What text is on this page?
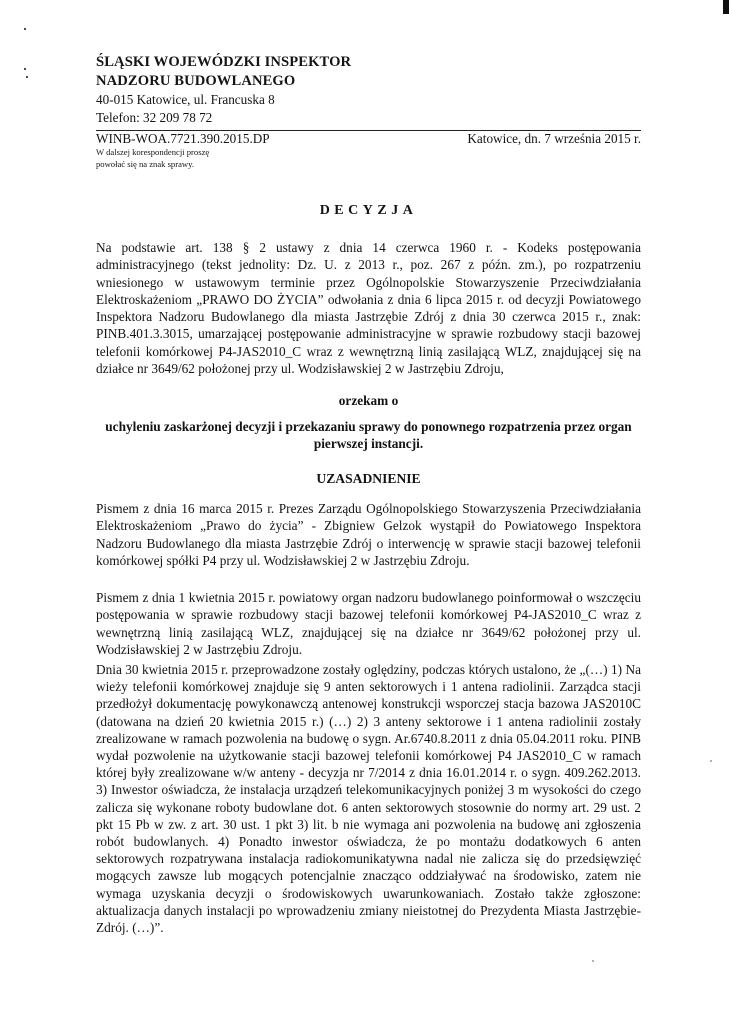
ŚLĄSKI WOJEWÓDZKI INSPEKTOR
NADZORU BUDOWLANEGO
40-015 Katowice, ul. Francuska 8
Telefon: 32 209 78 72
WINB-WOA.7721.390.2015.DP	Katowice, dn. 7 września 2015 r.
W dalszej korespondencji proszę
powołać się na znak sprawy.
DECYZJA
Na podstawie art. 138 § 2 ustawy z dnia 14 czerwca 1960 r. - Kodeks postępowania administracyjnego (tekst jednolity: Dz. U. z 2013 r., poz. 267 z późn. zm.), po rozpatrzeniu wniesionego w ustawowym terminie przez Ogólnopolskie Stowarzyszenie Przeciwdziałania Elektroskażeniom „PRAWO DO ŻYCIA” odwołania z dnia 6 lipca 2015 r. od decyzji Powiatowego Inspektora Nadzoru Budowlanego dla miasta Jastrzębie Zdrój z dnia 30 czerwca 2015 r., znak: PINB.401.3.3015, umarzającej postępowanie administracyjne w sprawie rozbudowy stacji bazowej telefonii komórkowej P4-JAS2010_C wraz z wewnętrzną linią zasilającą WLZ, znajdującej się na działce nr 3649/62 położonej przy ul. Wodzisławskiej 2 w Jastrzębiu Zdroju,
orzekam o
uchyleniu zaskarżonej decyzji i przekazaniu sprawy do ponownego rozpatrzenia przez organ pierwszej instancji.
UZASADNIENIE
Pismem z dnia 16 marca 2015 r. Prezes Zarządu Ogólnopolskiego Stowarzyszenia Przeciwdziałania Elektroskażeniom „Prawo do życia” - Zbigniew Gelzok wystąpił do Powiatowego Inspektora Nadzoru Budowlanego dla miasta Jastrzębie Zdrój o interwencję w sprawie stacji bazowej telefonii komórkowej spółki P4 przy ul. Wodzisławskiej 2 w Jastrzębiu Zdroju.
Pismem z dnia 1 kwietnia 2015 r. powiatowy organ nadzoru budowlanego poinformował o wszczęciu postępowania w sprawie rozbudowy stacji bazowej telefonii komórkowej P4-JAS2010_C wraz z wewnętrzną linią zasilającą WLZ, znajdującej się na działce nr 3649/62 położonej przy ul. Wodzisławskiej 2 w Jastrzębiu Zdroju.
Dnia 30 kwietnia 2015 r. przeprowadzone zostały oględziny, podczas których ustalono, że „(…) 1) Na wieży telefonii komórkowej znajduje się 9 anten sektorowych i 1 antena radiolinii. Zarządca stacji przedłożył dokumentację powykonawczą antenowej konstrukcji wsporczej stacja bazowa JAS2010C (datowana na dzień 20 kwietnia 2015 r.) (…) 2) 3 anteny sektorowe i 1 antena radiolinii zostały zrealizowane w ramach pozwolenia na budowę o sygn. Ar.6740.8.2011 z dnia 05.04.2011 roku. PINB wydał pozwolenie na użytkowanie stacji bazowej telefonii komórkowej P4 JAS2010_C w ramach której były zrealizowane w/w anteny - decyzja nr 7/2014 z dnia 16.01.2014 r. o sygn. 409.262.2013. 3) Inwestor oświadcza, że instalacja urządzeń telekomunikacyjnych poniżej 3 m wysokości do czego zalicza się wykonane roboty budowlane dot. 6 anten sektorowych stosownie do normy art. 29 ust. 2 pkt 15 Pb w zw. z art. 30 ust. 1 pkt 3) lit. b nie wymaga ani pozwolenia na budowę ani zgłoszenia robót budowlanych. 4) Ponadto inwestor oświadcza, że po montażu dodatkowych 6 anten sektorowych rozpatrywana instalacja radiokomunikatywna nadal nie zalicza się do przedsięwzięć mogących zawsze lub mogących potencjalnie znacząco oddziaływać na środowisko, zatem nie wymaga uzyskania decyzji o środowiskowych uwarunkowaniach. Zostało także zgłoszone: aktualizacja danych instalacji po wprowadzeniu zmiany nieistotnej do Prezydenta Miasta Jastrzębie-Zdrój. (…)”.
